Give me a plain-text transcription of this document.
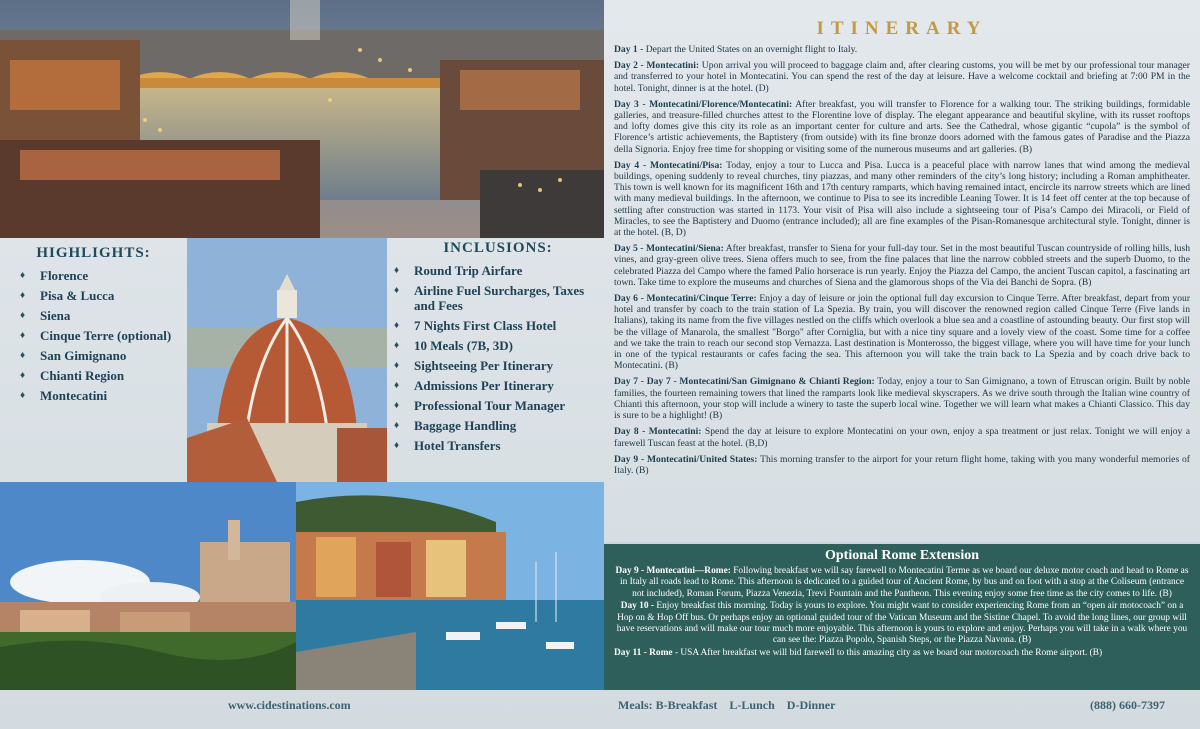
HIGHLIGHTS:
♦ Florence
♦ Pisa & Lucca
♦ Siena
♦ Cinque Terre (optional)
♦ San Gimignano
♦ Chianti Region
♦ Montecatini
INCLUSIONS:
♦ Round Trip Airfare
♦ Airline Fuel Surcharges, Taxes and Fees
♦ 7 Nights First Class Hotel
♦ 10 Meals (7B, 3D)
♦ Sightseeing Per Itinerary
♦ Admissions Per Itinerary
♦ Professional Tour Manager
♦ Baggage Handling
♦ Hotel Transfers
ITINERARY

Day 1 - Depart the United States on an overnight flight to Italy.

Day 2 - Montecatini: Upon arrival you will proceed to baggage claim and, after clearing customs, you will be met by our professional tour manager and transferred to your hotel in Montecatini. You can spend the rest of the day at leisure. Have a welcome cocktail and briefing at 7:00 PM in the hotel. Tonight, dinner is at the hotel. (D)

Day 3 - Montecatini/Florence/Montecatini: After breakfast, you will transfer to Florence for a walking tour. The striking buildings, formidable galleries, and treasure-filled churches attest to the Florentine love of display. The elegant appearance and beautiful skyline, with its russet rooftops and lofty domes give this city its role as an important center for culture and arts. See the Cathedral, whose gigantic “cupola” is the symbol of Florence’s artistic achievements, the Baptistery (from outside) with its fine bronze doors adorned with the famous gates of Paradise and the Piazza della Signoria. Enjoy free time for shopping or visiting some of the numerous museums and art galleries. (B)

Day 4 - Montecatini/Pisa: Today, enjoy a tour to Lucca and Pisa. Lucca is a peaceful place with narrow lanes that wind among the medieval buildings, opening suddenly to reveal churches, tiny piazzas, and many other reminders of the city’s long history; including a Roman amphitheater. This town is well known for its magnificent 16th and 17th century ramparts, which having remained intact, encircle its narrow streets which are lined with many medieval buildings. In the afternoon, we continue to Pisa to see its incredible Leaning Tower. It is 14 feet off center at the top because of settling after construction was started in 1173. Your visit of Pisa will also include a sightseeing tour of Pisa’s Campo dei Miracoli, or Field of Miracles, to see the Baptistery and Duomo (entrance included); all are fine examples of the Pisan-Romanesque architectural style. Tonight, dinner is at the hotel. (B, D)

Day 5 - Montecatini/Siena: After breakfast, transfer to Siena for your full-day tour. Set in the most beautiful Tuscan countryside of rolling hills, lush vines, and gray-green olive trees. Siena offers much to see, from the fine palaces that line the narrow cobbled streets and the superb Duomo, to the celebrated Piazza del Campo where the famed Palio horserace is run yearly. Enjoy the Piazza del Campo, the ancient Tuscan capitol, a fascinating art town. Take time to explore the museums and churches of Siena and the glamorous shops of the Via dei Banchi de Sopra. (B)

Day 6 - Montecatini/Cinque Terre: Enjoy a day of leisure or join the optional full day excursion to Cinque Terre. After breakfast, depart from your hotel and transfer by coach to the train station of La Spezia. By train, you will discover the renowned region called Cinque Terre (Five lands in Italians), taking its name from the five villages nestled on the cliffs which overlook a blue sea and a coastline of astounding beauty. Our first stop will be the village of Manarola, the smallest "Borgo" after Corniglia, but with a nice tiny square and a lovely view of the coast. Some time for a coffee and we take the train to reach our second stop Vernazza. Last destination is Monterosso, the biggest village, where you will have time for your lunch in one of the typical restaurants or cafes facing the sea. This afternoon you will take the train back to La Spezia and by coach drive back to Montecatini. (B)

Day 7 - Day 7 - Montecatini/San Gimignano & Chianti Region: Today, enjoy a tour to San Gimignano, a town of Etruscan origin. Built by noble families, the fourteen remaining towers that lined the ramparts look like medieval skyscrapers. As we drive south through the Italian wine country of Chianti this afternoon, your stop will include a winery to taste the superb local wine. Together we will learn what makes a Chianti Classico. This day is sure to be a highlight! (B)

Day 8 - Montecatini: Spend the day at leisure to explore Montecatini on your own, enjoy a spa treatment or just relax. Tonight we will enjoy a farewell Tuscan feast at the hotel. (B,D)

Day 9 - Montecatini/United States: This morning transfer to the airport for your return flight home, taking with you many wonderful memories of Italy. (B)

Optional Rome Extension

Day 9 - Montecatini—Rome: Following breakfast we will say farewell to Montecatini Terme as we board our deluxe motor coach and head to Rome as in Italy all roads lead to Rome. This afternoon is dedicated to a guided tour of Ancient Rome, by bus and on foot with a stop at the Coliseum (entrance not included), Roman Forum, Piazza Venezia, Trevi Fountain and the Pantheon. This evening enjoy some free time as the city comes to life. (B)

Day 10 - Enjoy breakfast this morning. Today is yours to explore. You might want to consider experiencing Rome from an “open air motocoach” on a Hop on & Hop Off bus. Or perhaps enjoy an optional guided tour of the Vatican Museum and the Sistine Chapel. To avoid the long lines, our group will have reservations and will make our tour much more enjoyable. This afternoon is yours to explore and enjoy. Perhaps you will take in a walk where you can see the: Piazza Popolo, Spanish Steps, or the Piazza Navona. (B)

Day 11 - Rome - USA After breakfast we will bid farewell to this amazing city as we board our motorcoach the Rome airport. (B)

www.cidestinations.com	Meals: B-Breakfast    L-Lunch    D-Dinner	(888) 660-7397
